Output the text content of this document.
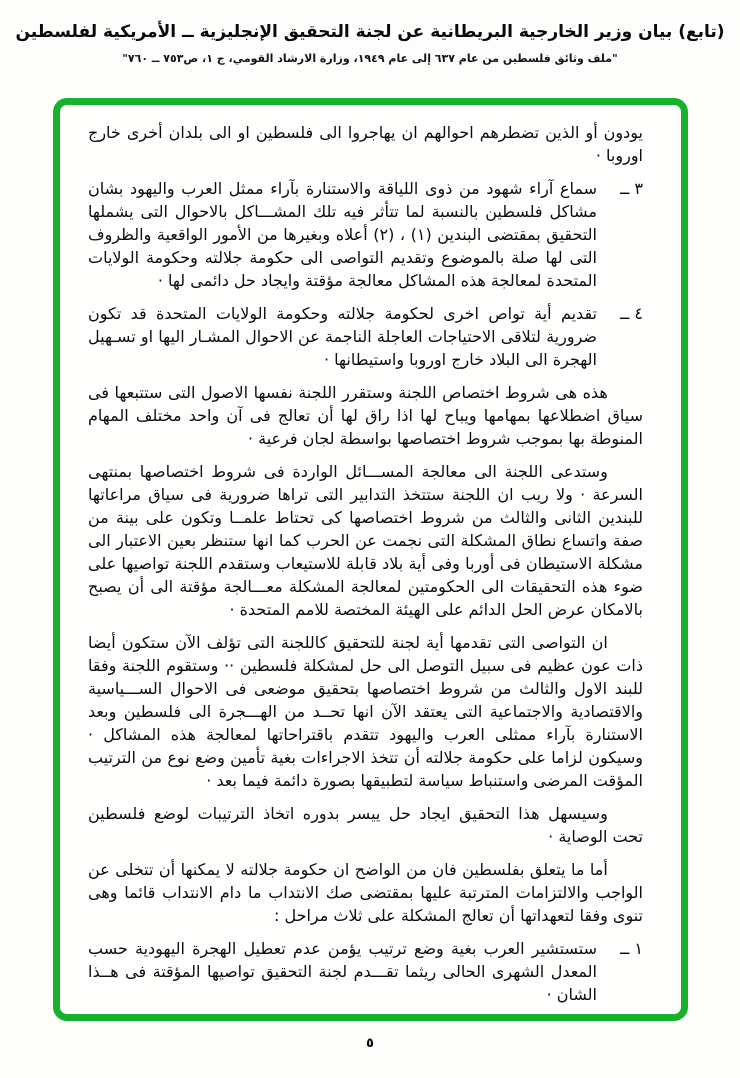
(تابع) بيان وزير الخارجية البريطانية عن لجنة التحقيق الإنجليزية ــ الأمريكية لفلسطين
"ملف وثائق فلسطين من عام ٦٣٧ إلى عام ١٩٤٩، وزارة الارشاد القومي، ج ١، ص٧٥٣ ــ ٧٦٠"

يودون أو الذين تضطرهم احوالهم ان يهاجروا الى فلسطين او الى بلدان أخرى خارج اوروبا ·

٣ ــ
سماع آراء شهود من ذوى اللياقة والاستنارة بآراء ممثل العرب واليهود بشان مشاكل فلسطين بالنسبة لما تتأثر فيه تلك المشـــاكل بالاحوال التى يشملها التحقيق بمقتضى البندين (١) ، (٢) أعلاه وبغيرها من الأمور الواقعية والظروف التى لها صلة بالموضوع وتقديم التواصى الى حكومة جلالته وحكومة الولايات المتحدة لمعالجة هذه المشاكل معالجة مؤقتة وايجاد حل دائمى لها ·
٤ ــ
تقديم أية تواص اخرى لحكومة جلالته وحكومة الولايات المتحدة قد تكون ضرورية لتلاقى الاحتياجات العاجلة الناجمة عن الاحوال المشـار اليها او تسـهيل الهجرة الى البلاد خارج اوروبا واستيطانها ·

هذه هى شروط اختصاص اللجنة وستقرر اللجنة نفسها الاصول التى ستتبعها فى سياق اضطلاعها بمهامها ويباح لها اذا راق لها أن تعالج فى آن واحد مختلف المهام المنوطة بها بموجب شروط اختصاصها بواسطة لجان فرعية ·

وستدعى اللجنة الى معالجة المســـائل الواردة فى شروط اختصاصها بمنتهى السرعة · ولا ريب ان اللجنة ستتخذ التدابير التى تراها ضرورية فى سياق مراعاتها للبندين الثانى والثالث من شروط اختصاصها كى تحتاط علمــا وتكون على بينة من صفة واتساع نطاق المشكلة التى نجمت عن الحرب كما انها ستنظر بعين الاعتبار الى مشكلة الاستيطان فى أوربا وفى أية بلاد قابلة للاستيعاب وستقدم اللجنة تواصيها على ضوء هذه التحقيقات الى الحكومتين لمعالجة المشكلة معـــالجة مؤقتة الى أن يصبح بالامكان عرض الحل الدائم على الهيئة المختصة للامم المتحدة ·

ان التواصى التى تقدمها أية لجنة للتحقيق كاللجنة التى تؤلف الآن ستكون أيضا ذات عون عظيم فى سبيل التوصل الى حل لمشكلة فلسطين ·· وستقوم اللجنة وفقا للبند الاول والثالث من شروط اختصاصها بتحقيق موضعى فى الاحوال الســـياسية والاقتصادية والاجتماعية التى يعتقد الآن انها تحــد من الهـــجرة الى فلسطين وبعد الاستنارة بآراء ممثلى العرب واليهود تتقدم باقتراحاتها لمعالجة هذه المشاكل · وسيكون لزاما على حكومة جلالته أن تتخذ الاجراءات بغية تأمين وضع نوع من الترتيب المؤقت المرضى واستنباط سياسة لتطبيقها بصورة دائمة فيما بعد ·

وسيسهل هذا التحقيق ايجاد حل ييسر بدوره اتخاذ الترتيبات لوضع فلسطين تحت الوصاية ·

أما ما يتعلق بفلسطين فان من الواضح ان حكومة جلالته لا يمكنها أن تتخلى عن الواجب والالتزامات المترتبة عليها بمقتضى صك الانتداب ما دام الانتداب قائما وهى تنوى وفقا لتعهداتها أن تعالج المشكلة على ثلاث مراحل :

١ ــ
ستستشير العرب بغية وضع ترتيب يؤمن عدم تعطيل الهجرة اليهودية حسب المعدل الشهرى الحالى ريثما تقـــدم لجنة التحقيق تواصيها المؤقتة فى هــذا الشان ·
٥
